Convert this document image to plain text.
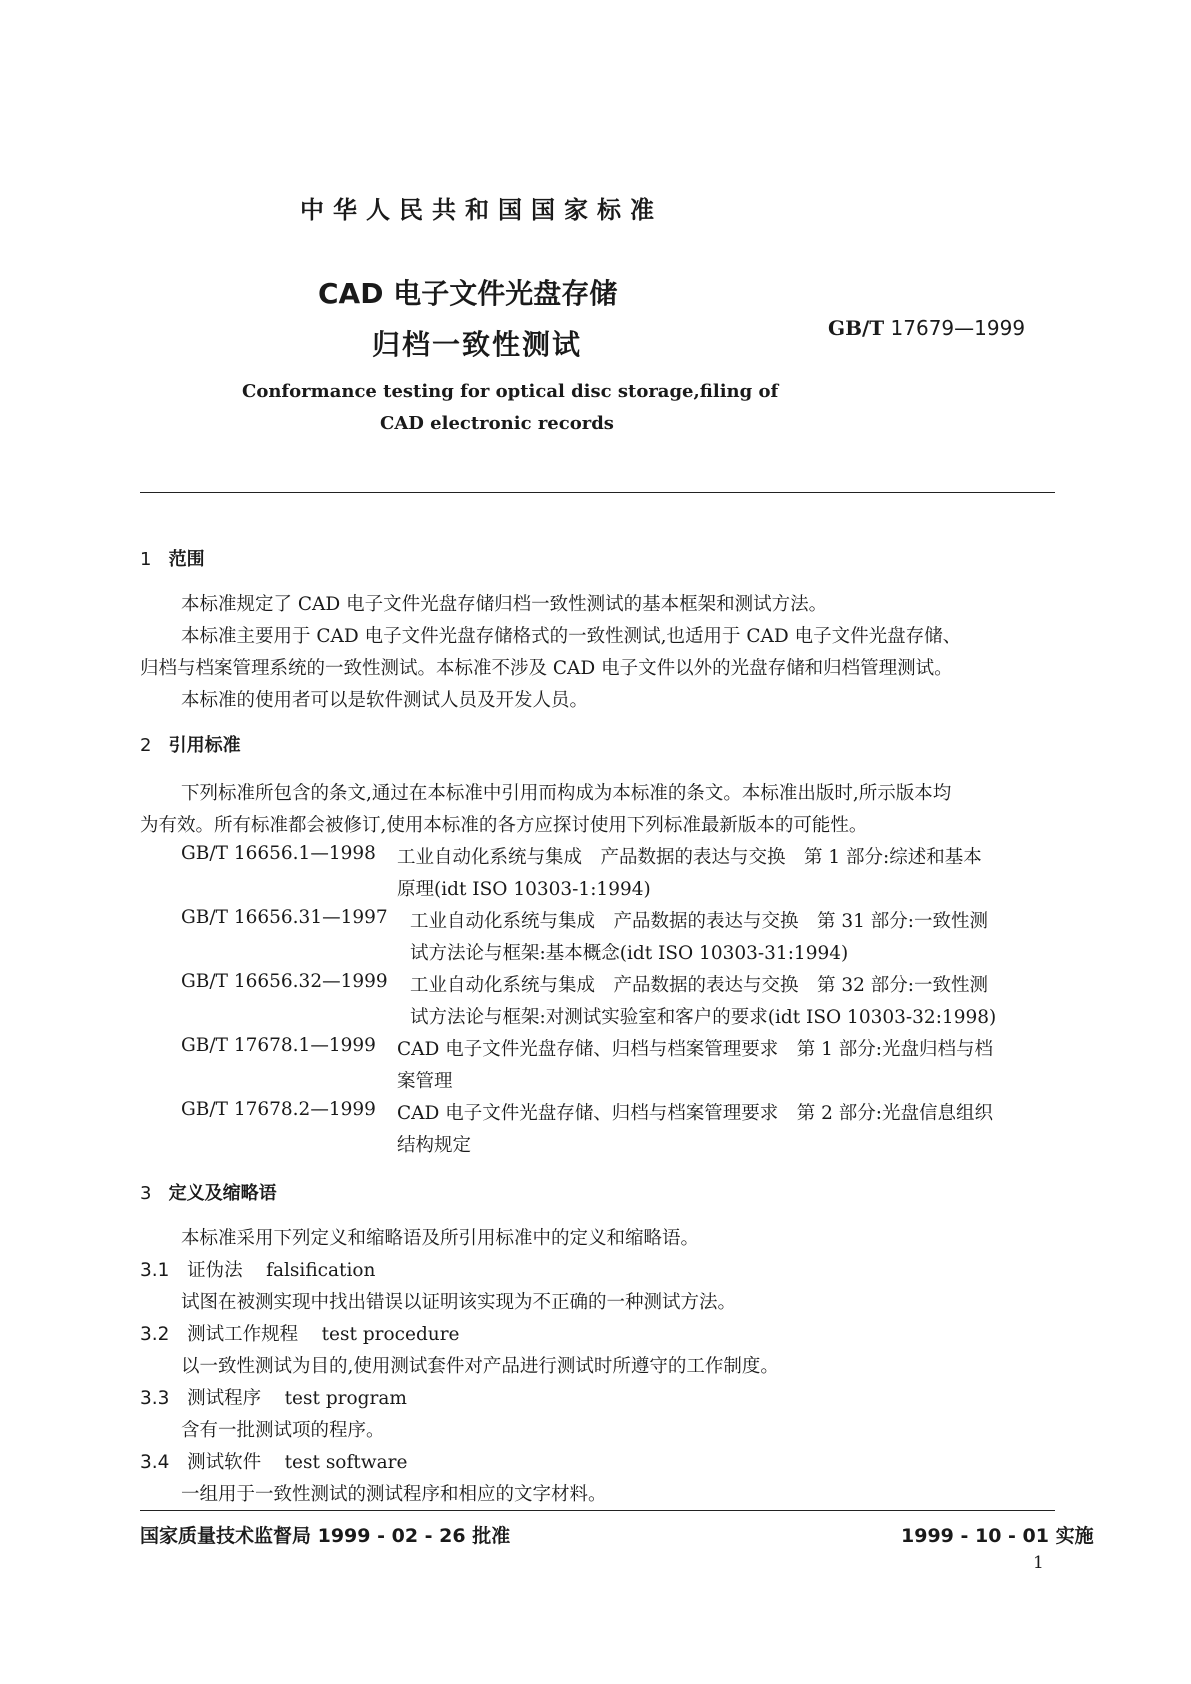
中华人民共和国国家标准
CAD 电子文件光盘存储
归档一致性测试	GB/T 17679—1999
Conformance testing for optical disc storage,filing of
CAD electronic records
1 范围
本标准规定了 CAD 电子文件光盘存储归档一致性测试的基本框架和测试方法。
本标准主要用于 CAD 电子文件光盘存储格式的一致性测试,也适用于 CAD 电子文件光盘存储、
归档与档案管理系统的一致性测试。本标准不涉及 CAD 电子文件以外的光盘存储和归档管理测试。
本标准的使用者可以是软件测试人员及开发人员。
2 引用标准
下列标准所包含的条文,通过在本标准中引用而构成为本标准的条文。本标准出版时,所示版本均
为有效。所有标准都会被修订,使用本标准的各方应探讨使用下列标准最新版本的可能性。
GB/T 16656.1—1998 工业自动化系统与集成　产品数据的表达与交换　第 1 部分:综述和基本
原理(idt ISO 10303-1:1994)
GB/T 16656.31—1997 工业自动化系统与集成　产品数据的表达与交换　第 31 部分:一致性测
试方法论与框架:基本概念(idt ISO 10303-31:1994)
GB/T 16656.32—1999 工业自动化系统与集成　产品数据的表达与交换　第 32 部分:一致性测
试方法论与框架:对测试实验室和客户的要求(idt ISO 10303-32:1998)
GB/T 17678.1—1999 CAD 电子文件光盘存储、归档与档案管理要求　第 1 部分:光盘归档与档
案管理
GB/T 17678.2—1999 CAD 电子文件光盘存储、归档与档案管理要求　第 2 部分:光盘信息组织
结构规定
3 定义及缩略语
本标准采用下列定义和缩略语及所引用标准中的定义和缩略语。
3.1 证伪法 falsification
试图在被测实现中找出错误以证明该实现为不正确的一种测试方法。
3.2 测试工作规程 test procedure
以一致性测试为目的,使用测试套件对产品进行测试时所遵守的工作制度。
3.3 测试程序 test program
含有一批测试项的程序。
3.4 测试软件 test software
一组用于一致性测试的测试程序和相应的文字材料。
国家质量技术监督局 1999 - 02 - 26 批准	1999 - 10 - 01 实施
1
